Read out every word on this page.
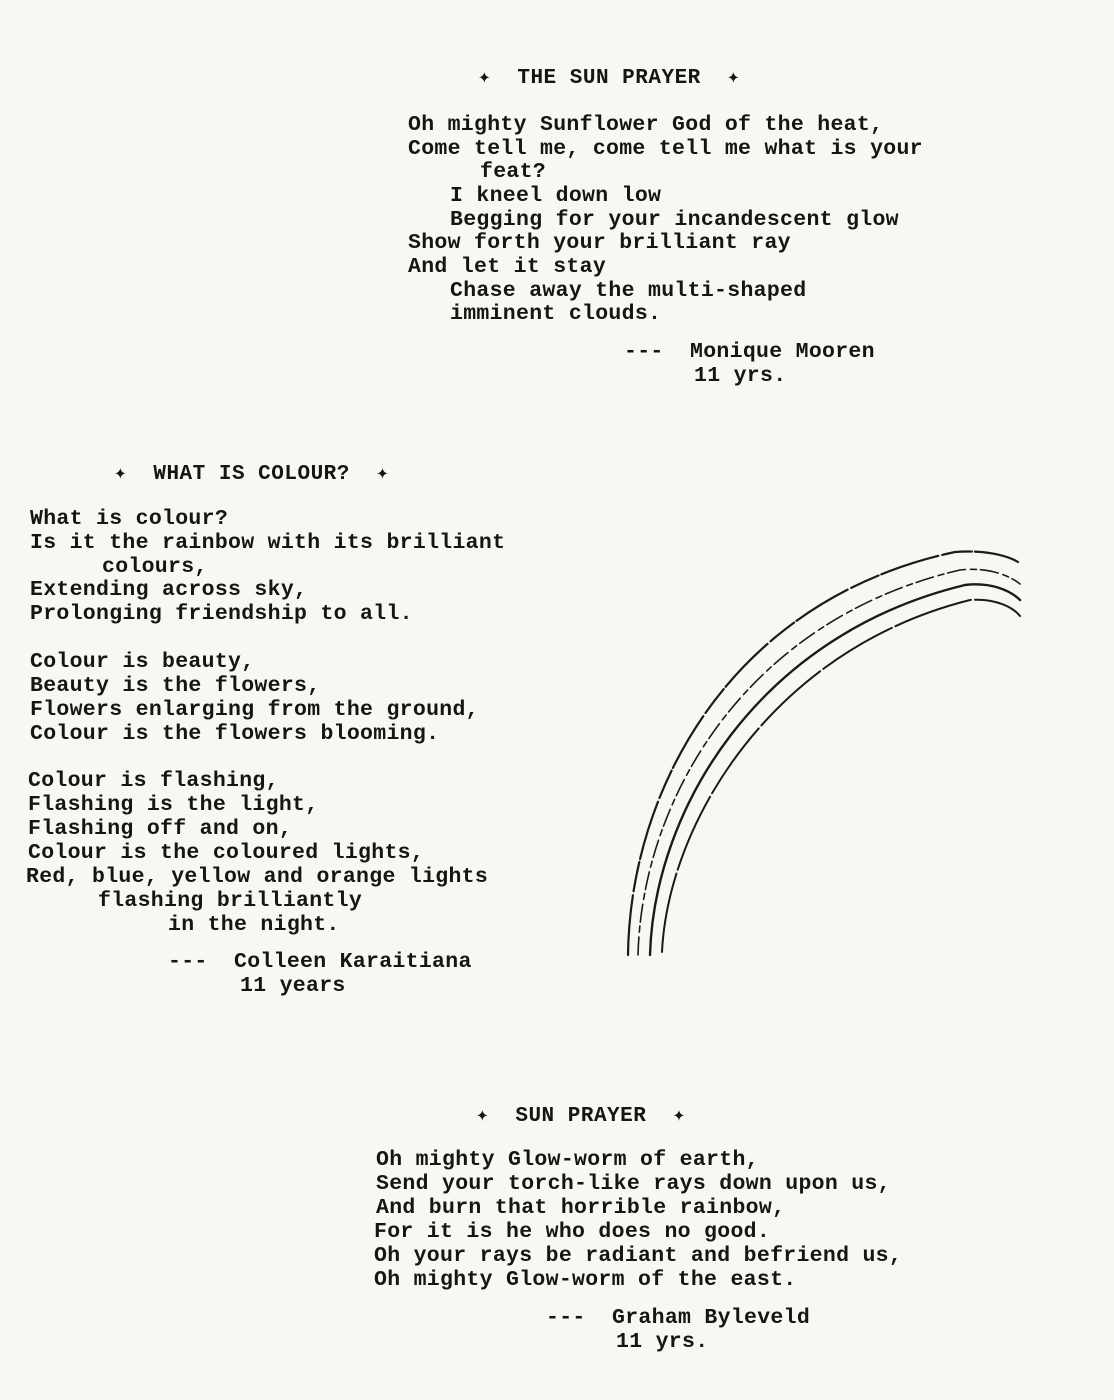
✦  THE SUN PRAYER  ✦
Oh mighty Sunflower God of the heat,
Come tell me, come tell me what is your
feat?
I kneel down low
Begging for your incandescent glow
Show forth your brilliant ray
And let it stay
Chase away the multi-shaped
imminent clouds.
---  Monique Mooren
11 yrs.
✦  WHAT IS COLOUR?  ✦
What is colour?
Is it the rainbow with its brilliant
colours,
Extending across sky,
Prolonging friendship to all.
Colour is beauty,
Beauty is the flowers,
Flowers enlarging from the ground,
Colour is the flowers blooming.
Colour is flashing,
Flashing is the light,
Flashing off and on,
Colour is the coloured lights,
Red, blue, yellow and orange lights
flashing brilliantly
in the night.
---  Colleen Karaitiana
11 years
✦  SUN PRAYER  ✦
Oh mighty Glow-worm of earth,
Send your torch-like rays down upon us,
And burn that horrible rainbow,
For it is he who does no good.
Oh your rays be radiant and befriend us,
Oh mighty Glow-worm of the east.
---  Graham Byleveld
11 yrs.
